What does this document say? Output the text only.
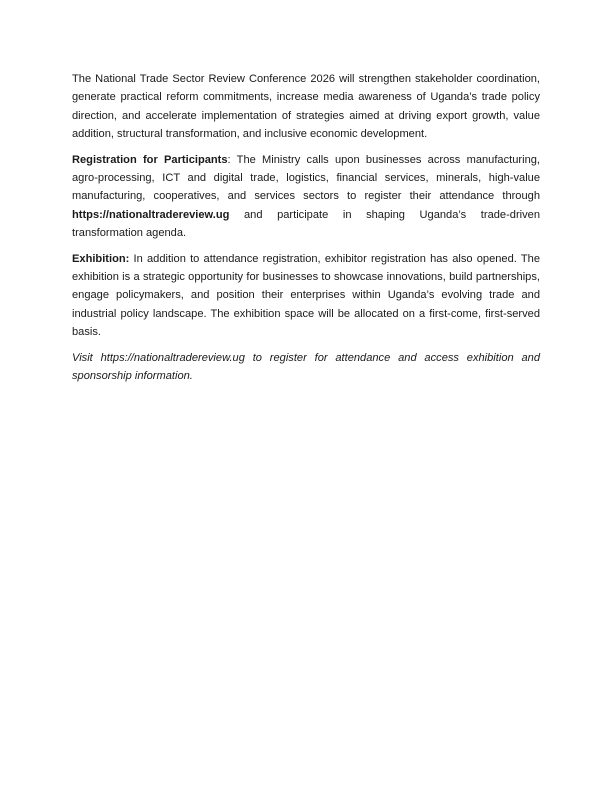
The National Trade Sector Review Conference 2026 will strengthen stakeholder coordination, generate practical reform commitments, increase media awareness of Uganda’s trade policy direction, and accelerate implementation of strategies aimed at driving export growth, value addition, structural transformation, and inclusive economic development.

Registration for Participants: The Ministry calls upon businesses across manufacturing, agro-processing, ICT and digital trade, logistics, financial services, minerals, high-value manufacturing, cooperatives, and services sectors to register their attendance through https://nationaltradereview.ug and participate in shaping Uganda’s trade-driven transformation agenda.

Exhibition: In addition to attendance registration, exhibitor registration has also opened. The exhibition is a strategic opportunity for businesses to showcase innovations, build partnerships, engage policymakers, and position their enterprises within Uganda’s evolving trade and industrial policy landscape. The exhibition space will be allocated on a first-come, first-served basis.

Visit https://nationaltradereview.ug to register for attendance and access exhibition and sponsorship information.
